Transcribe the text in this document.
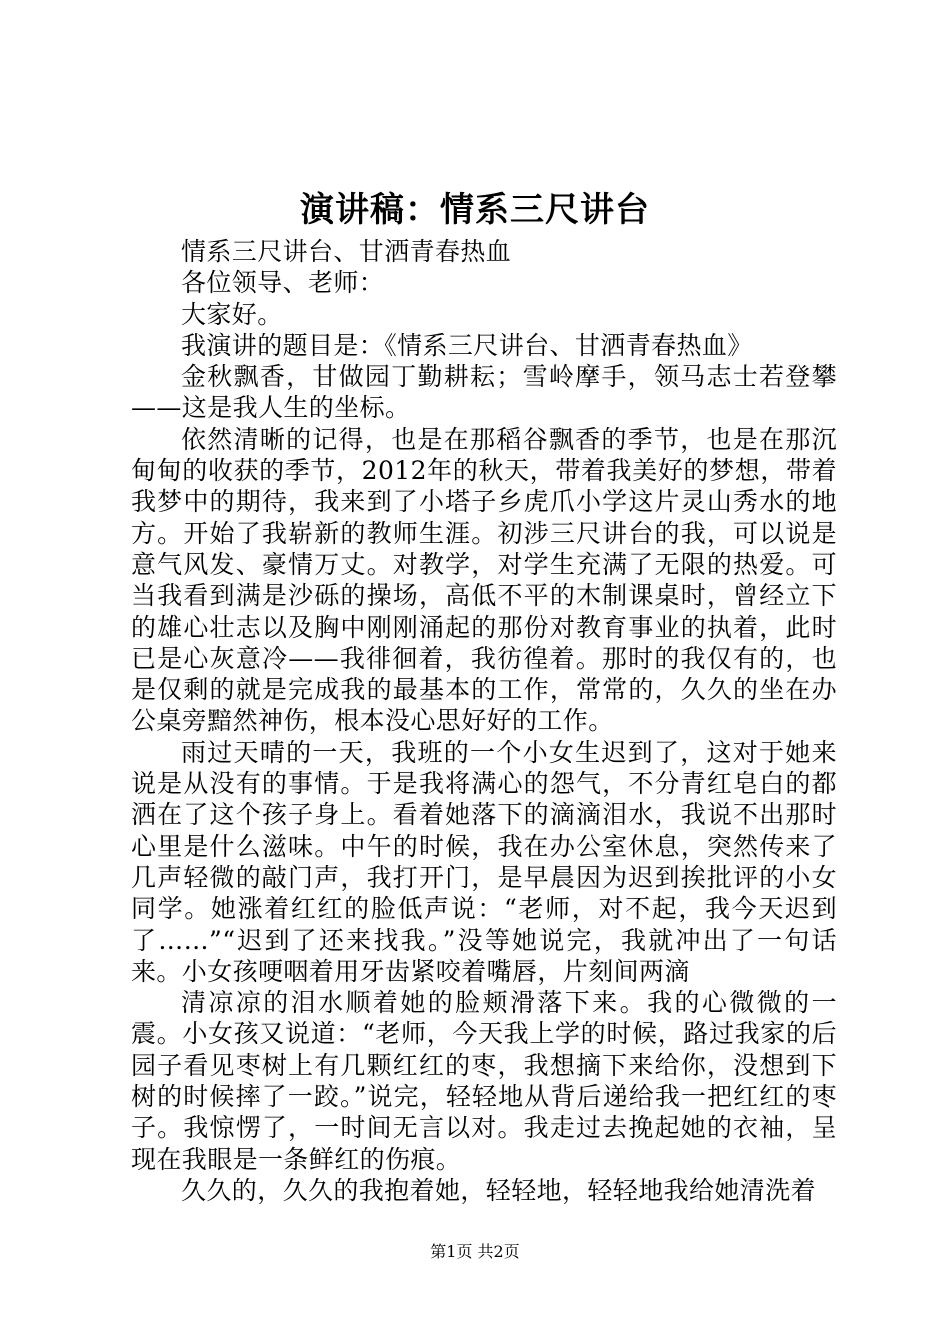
演讲稿：情系三尺讲台

情系三尺讲台、甘洒青春热血

各位领导、老师：

大家好。

我演讲的题目是：《情系三尺讲台、甘洒青春热血》

金秋飘香，甘做园丁勤耕耘；雪岭摩手，领马志士若登攀——这是我人生的坐标。

依然清晰的记得，也是在那稻谷飘香的季节，也是在那沉甸甸的收获的季节，2012年的秋天，带着我美好的梦想，带着我梦中的期待，我来到了小塔子乡虎爪小学这片灵山秀水的地方。开始了我崭新的教师生涯。初涉三尺讲台的我，可以说是意气风发、豪情万丈。对教学，对学生充满了无限的热爱。可当我看到满是沙砾的操场，高低不平的木制课桌时，曾经立下的雄心壮志以及胸中刚刚涌起的那份对教育事业的执着，此时已是心灰意冷——我徘徊着，我彷徨着。那时的我仅有的，也是仅剩的就是完成我的最基本的工作，常常的，久久的坐在办公桌旁黯然神伤，根本没心思好好的工作。

雨过天晴的一天，我班的一个小女生迟到了，这对于她来说是从没有的事情。于是我将满心的怨气，不分青红皂白的都洒在了这个孩子身上。看着她落下的滴滴泪水，我说不出那时心里是什么滋味。中午的时候，我在办公室休息，突然传来了几声轻微的敲门声，我打开门，是早晨因为迟到挨批评的小女同学。她涨着红红的脸低声说：“老师，对不起，我今天迟到了……”“迟到了还来找我。”没等她说完，我就冲出了一句话来。小女孩哽咽着用牙齿紧咬着嘴唇，片刻间两滴

清凉凉的泪水顺着她的脸颊滑落下来。我的心微微的一震。小女孩又说道：“老师，今天我上学的时候，路过我家的后园子看见枣树上有几颗红红的枣，我想摘下来给你，没想到下树的时候摔了一跤。”说完，轻轻地从背后递给我一把红红的枣子。我惊愣了，一时间无言以对。我走过去挽起她的衣袖，呈现在我眼是一条鲜红的伤痕。

久久的，久久的我抱着她，轻轻地，轻轻地我给她清洗着

第1页 共2页
